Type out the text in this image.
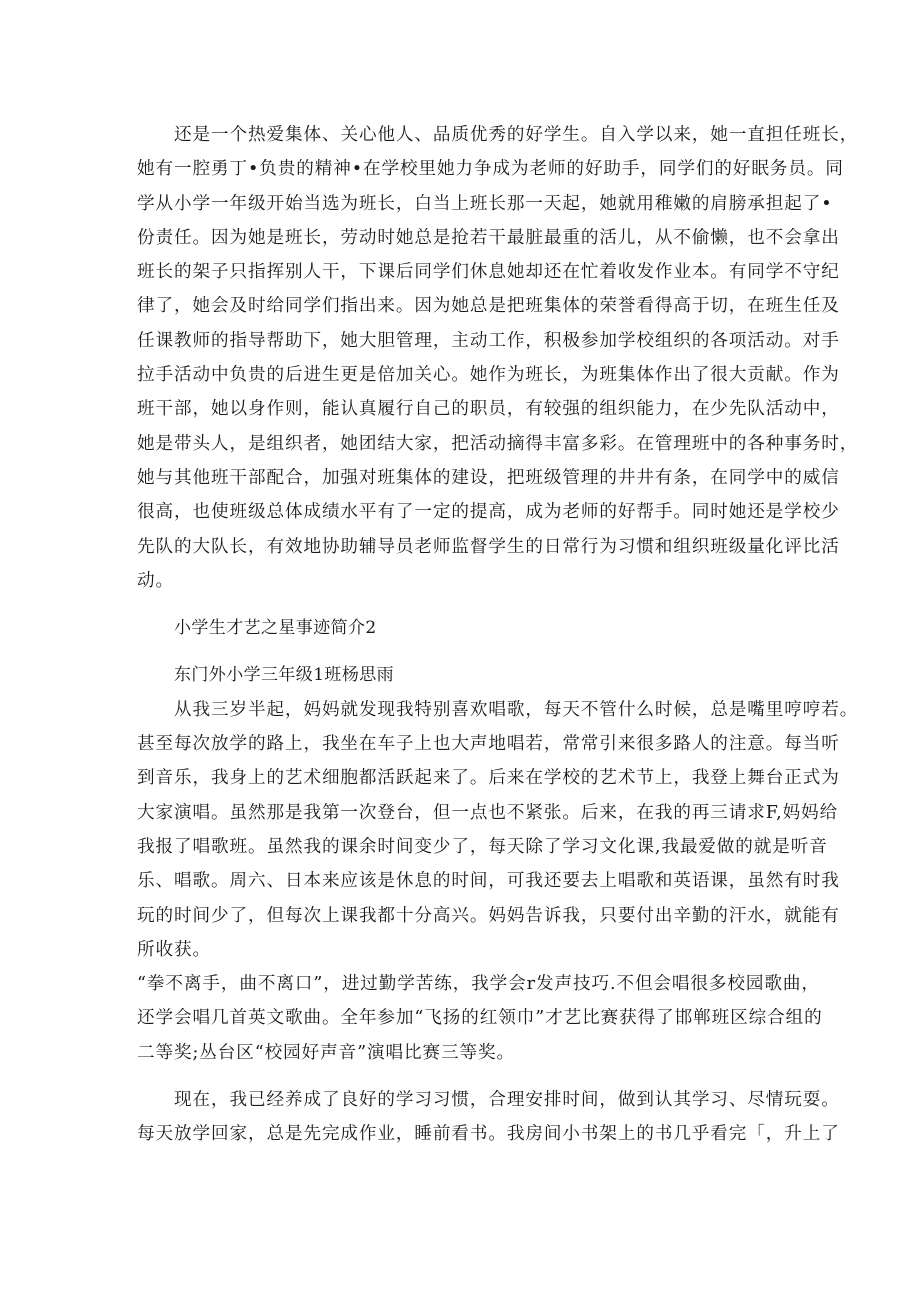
还是一个热爱集体、关心他人、品质优秀的好学生。自入学以来，她一直担任班长，
她有一腔勇丁•负贵的精神•在学校里她力争成为老师的好助手，同学们的好眠务员。同
学从小学一年级开始当选为班长，白当上班长那一天起，她就用稚嫩的肩膀承担起了•
份责任。因为她是班长，劳动时她总是抢若干最脏最重的活儿，从不偷懒，也不会拿出
班长的架子只指挥别人干，下课后同学们休息她却还在忙着收发作业本。有同学不守纪
律了，她会及时给同学们指出来。因为她总是把班集体的荣誉看得高于切，在班生任及
任课教师的指导帮助下，她大胆管理，主动工作，积极参加学校组织的各项活动。对手
拉手活动中负贵的后进生更是倍加关心。她作为班长，为班集体作出了很大贡献。作为
班干部，她以身作则，能认真履行自己的职员，有较强的组织能力，在少先队活动中，
她是带头人，是组织者，她团结大家，把活动摘得丰富多彩。在管理班中的各种事务时，
她与其他班干部配合，加强对班集体的建设，把班级管理的井井有条，在同学中的威信
很高，也使班级总体成绩水平有了一定的提高，成为老师的好帮手。同时她还是学校少
先队的大队长，有效地协助辅导员老师监督学生的日常行为习惯和组织班级量化评比活
动。
小学生才艺之星事迹简介2
东门外小学三年级1班杨思雨
从我三岁半起，妈妈就发现我特别喜欢唱歌，每天不管什么时候，总是嘴里哼哼若。
甚至每次放学的路上，我坐在车子上也大声地唱若，常常引来很多路人的注意。每当听
到音乐，我身上的艺术细胞都活跃起来了。后来在学校的艺术节上，我登上舞台正式为
大家演唱。虽然那是我第一次登台，但一点也不紧张。后来，在我的再三请求F,妈妈给
我报了唱歌班。虽然我的课余时间变少了，每天除了学习文化课,我最爱做的就是听音
乐、唱歌。周六、日本来应该是休息的时间，可我还要去上唱歌和英语课，虽然有时我
玩的时间少了，但每次上课我都十分高兴。妈妈告诉我，只要付出辛勤的汗水，就能有
所收获。
“拳不离手，曲不离口”，进过勤学苦练，我学会r发声技巧.不但会唱很多校园歌曲，
还学会唱几首英文歌曲。全年参加“飞扬的红领巾”才艺比赛获得了邯郸班区综合组的
二等奖;丛台区“校园好声音”演唱比赛三等奖。
现在，我已经养成了良好的学习习惯，合理安排时间，做到认其学习、尽情玩耍。
每天放学回家，总是先完成作业，睡前看书。我房间小书架上的书几乎看完「，升上了
